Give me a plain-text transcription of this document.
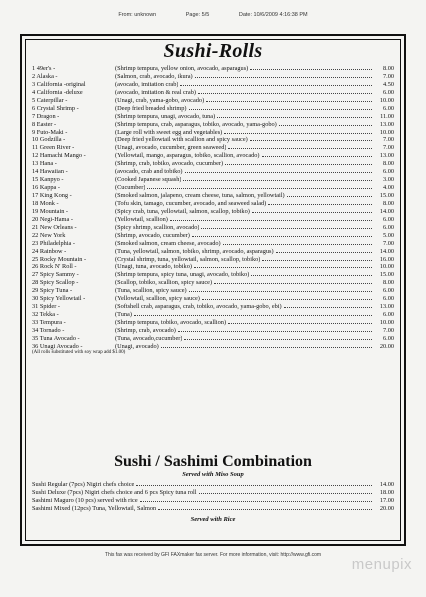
From: unknown	Page: 5/5	Date: 10/6/2009 4:16:38 PM
Sushi-Rolls
1 49er's -	(Shrimp tempura, yellow onion, avocado, asparagus)	8.00
2 Alaska -	(Salmon, crab, avocado, ikura)	7.00
3 California -original	(avocado, imitation crab)	4.50
4 California -deluxe	(avocado, imitation & real crab)	6.00
5 Caterpillar -	(Unagi, crab, yama-gobo, avocado)	10.00
6 Crystal Shrimp -	(Deep fried breaded shrimp)	6.00
7 Dragon -	(Shrimp tempura, unagi, avocado, tuna)	11.00
8 Easter -	(Shrimp tempura, crab, asparagus, tobiko, avocado, yama-gobo)	13.00
9 Futo-Maki -	(Large roll with sweet egg and vegetables)	10.00
10 Godzilla -	(Deep fried yellowtail with scallion and spicy sauce)	7.00
11 Green River -	(Unagi, avocado, cucumber, green seaweed)	7.00
12 Hamachi Mango -	(Yellowtail, mango, asparagus, tobiko, scallion, avocado)	13.00
13 Hana -	(Shrimp, crab, tobiko, avocado, cucumber)	8.00
14 Hawaiian -	(avocado, crab and tobiko)	6.00
15 Kanpyo -	(Cooked Japanese squash)	3.00
16 Kappa -	(Cucumber)	4.00
17 King Kong -	(Smoked salmon, jalapeno, cream cheese, tuna, salmon, yellowtail)	15.00
18 Monk -	(Tofu skin, tamago, cucumber, avocado, and seaweed salad)	8.00
19 Mountain -	(Spicy crab, tuna, yellowtail, salmon, scallop, tobiko)	14.00
20 Negi-Hama -	(Yellowtail, scallion)	6.00
21 New Orleans -	(Spicy shrimp, scallion, avocado)	6.00
22 New York	(Shrimp, avocado, cucumber)	5.00
23 Philadelphia -	(Smoked salmon, cream cheese, avocado)	7.00
24 Rainbow -	(Tuna, yellowtail, salmon, tobiko, shrimp, avocado, asparagus)	14.00
25 Rocky Mountain -	(Crystal shrimp, tuna, yellowtail, salmon, scallop, tobiko)	16.00
26 Rock N' Roll -	(Unagi, tuna, avocado, tobiko)	10.00
27 Spicy Sammy -	(Shrimp tempura, spicy tuna, unagi, avocado, tobiko)	15.00
28 Spicy Scallop -	(Scallop, tobiko, scallion, spicy sauce)	8.00
29 Spicy Tuna -	(Tuna, scallion, spicy sauce)	6.00
30 Spicy Yellowtail -	(Yellowtail, scallion, spicy sauce)	6.00
31 Spider -	(Softshell crab, asparagus, crab, tobiko, avocado, yama-gobo, ebi)	13.00
32 Tekka -	(Tuna)	6.00
33 Tempura -	(Shrimp tempura, tobiko, avocado, scallion)	10.00
34 Tornado -	(Shrimp, crab, avocado)	7.00
35 Tuna Avocado -	(Tuna, avocado,cucumber)	6.00
36 Unagi Avocado -	(Unagi, avocado)	20.00
(All rolls substituted with soy wrap add $1.00)
Sushi / Sashimi Combination
Served with Miso Soup
Sushi Regular (7pcs) Nigiri chefs choice	14.00
Sushi Deluxe (7pcs) Nigiri chefs choice and 6 pcs Spicy tuna roll	18.00
Sashimi Maguro (10 pcs) served with rice	17.00
Sashimi Mixed (12pcs) Tuna, Yellowtail, Salmon	20.00
Served with Rice
This fax was received by GFI FAXmaker fax server. For more information, visit: http://www.gfi.com
menupix
